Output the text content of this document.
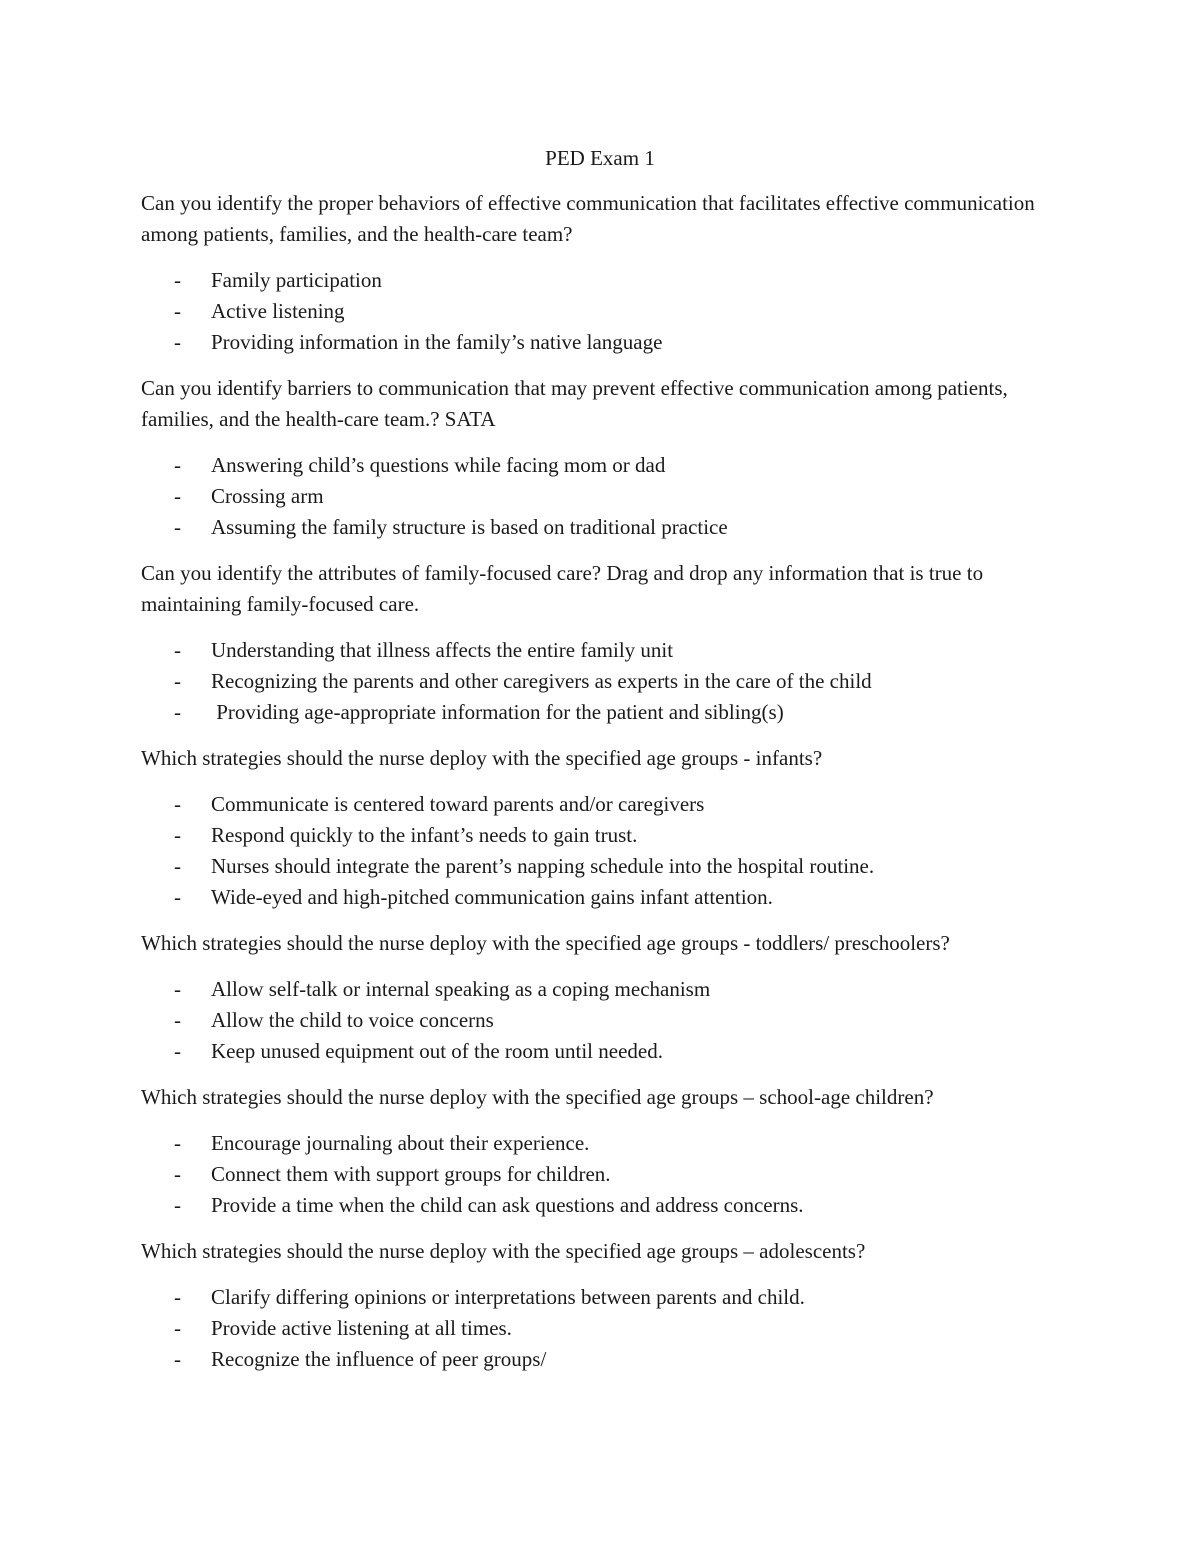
PED Exam 1

Can you identify the proper behaviors of effective communication that facilitates effective communication among patients, families, and the health-care team?

- Family participation
- Active listening
- Providing information in the family’s native language

Can you identify barriers to communication that may prevent effective communication among patients, families, and the health-care team.? SATA

- Answering child’s questions while facing mom or dad
- Crossing arm
- Assuming the family structure is based on traditional practice

Can you identify the attributes of family-focused care? Drag and drop any information that is true to maintaining family-focused care.

- Understanding that illness affects the entire family unit
- Recognizing the parents and other caregivers as experts in the care of the child
- Providing age-appropriate information for the patient and sibling(s)

Which strategies should the nurse deploy with the specified age groups - infants?

- Communicate is centered toward parents and/or caregivers
- Respond quickly to the infant’s needs to gain trust.
- Nurses should integrate the parent’s napping schedule into the hospital routine.
- Wide-eyed and high-pitched communication gains infant attention.

Which strategies should the nurse deploy with the specified age groups - toddlers/ preschoolers?

- Allow self-talk or internal speaking as a coping mechanism
- Allow the child to voice concerns
- Keep unused equipment out of the room until needed.

Which strategies should the nurse deploy with the specified age groups – school-age children?

- Encourage journaling about their experience.
- Connect them with support groups for children.
- Provide a time when the child can ask questions and address concerns.

Which strategies should the nurse deploy with the specified age groups – adolescents?

- Clarify differing opinions or interpretations between parents and child.
- Provide active listening at all times.
- Recognize the influence of peer groups/
